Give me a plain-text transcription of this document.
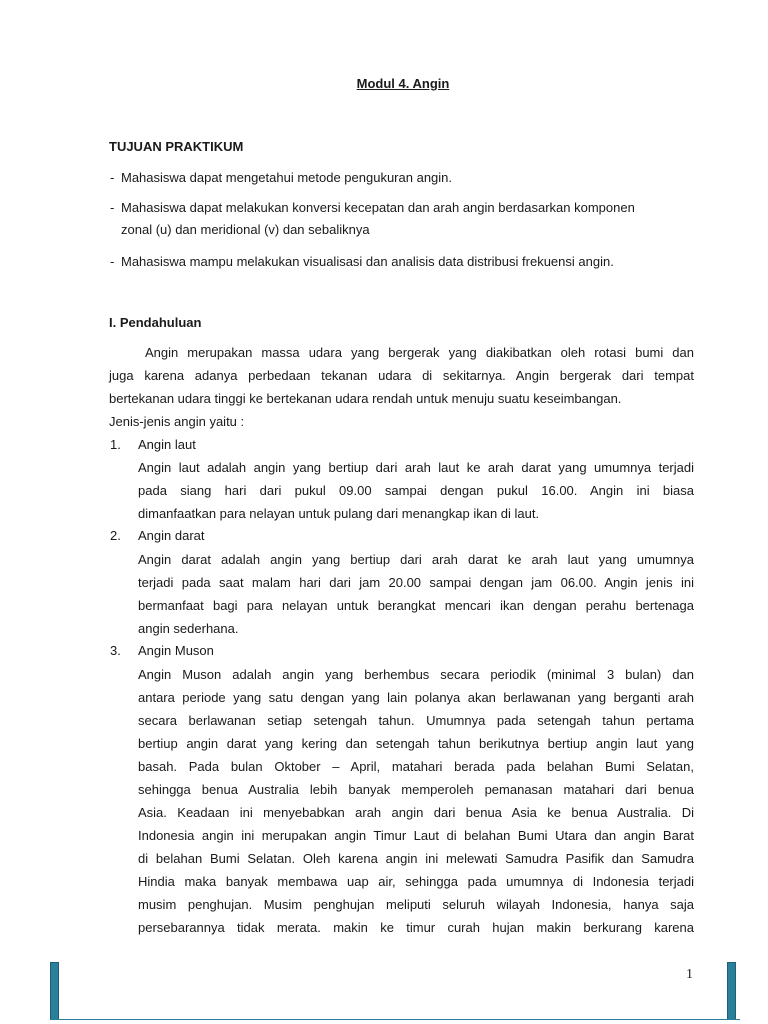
Modul 4. Angin
TUJUAN PRAKTIKUM
- Mahasiswa dapat mengetahui metode pengukuran angin.
- Mahasiswa dapat melakukan konversi kecepatan dan arah angin berdasarkan komponen
zonal (u) dan meridional (v) dan sebaliknya
- Mahasiswa mampu melakukan visualisasi dan analisis data distribusi frekuensi angin.
I. Pendahuluan
Angin merupakan massa udara yang bergerak yang diakibatkan oleh rotasi bumi dan
juga karena adanya perbedaan tekanan udara di sekitarnya. Angin bergerak dari tempat
bertekanan udara tinggi ke bertekanan udara rendah untuk menuju suatu keseimbangan.
Jenis-jenis angin yaitu :
1. Angin laut
Angin laut adalah angin yang bertiup dari arah laut ke arah darat yang umumnya terjadi
pada siang hari dari pukul 09.00 sampai dengan pukul 16.00. Angin ini biasa
dimanfaatkan para nelayan untuk pulang dari menangkap ikan di laut.
2. Angin darat
Angin darat adalah angin yang bertiup dari arah darat ke arah laut yang umumnya
terjadi pada saat malam hari dari jam 20.00 sampai dengan jam 06.00. Angin jenis ini
bermanfaat bagi para nelayan untuk berangkat mencari ikan dengan perahu bertenaga
angin sederhana.
3. Angin Muson
Angin Muson adalah angin yang berhembus secara periodik (minimal 3 bulan) dan
antara periode yang satu dengan yang lain polanya akan berlawanan yang berganti arah
secara berlawanan setiap setengah tahun. Umumnya pada setengah tahun pertama
bertiup angin darat yang kering dan setengah tahun berikutnya bertiup angin laut yang
basah. Pada bulan Oktober – April, matahari berada pada belahan Bumi Selatan,
sehingga benua Australia lebih banyak memperoleh pemanasan matahari dari benua
Asia. Keadaan ini menyebabkan arah angin dari benua Asia ke benua Australia. Di
Indonesia angin ini merupakan angin Timur Laut di belahan Bumi Utara dan angin Barat
di belahan Bumi Selatan. Oleh karena angin ini melewati Samudra Pasifik dan Samudra
Hindia maka banyak membawa uap air, sehingga pada umumnya di Indonesia terjadi
musim penghujan. Musim penghujan meliputi seluruh wilayah Indonesia, hanya saja
persebarannya tidak merata. makin ke timur curah hujan makin berkurang karena
1
